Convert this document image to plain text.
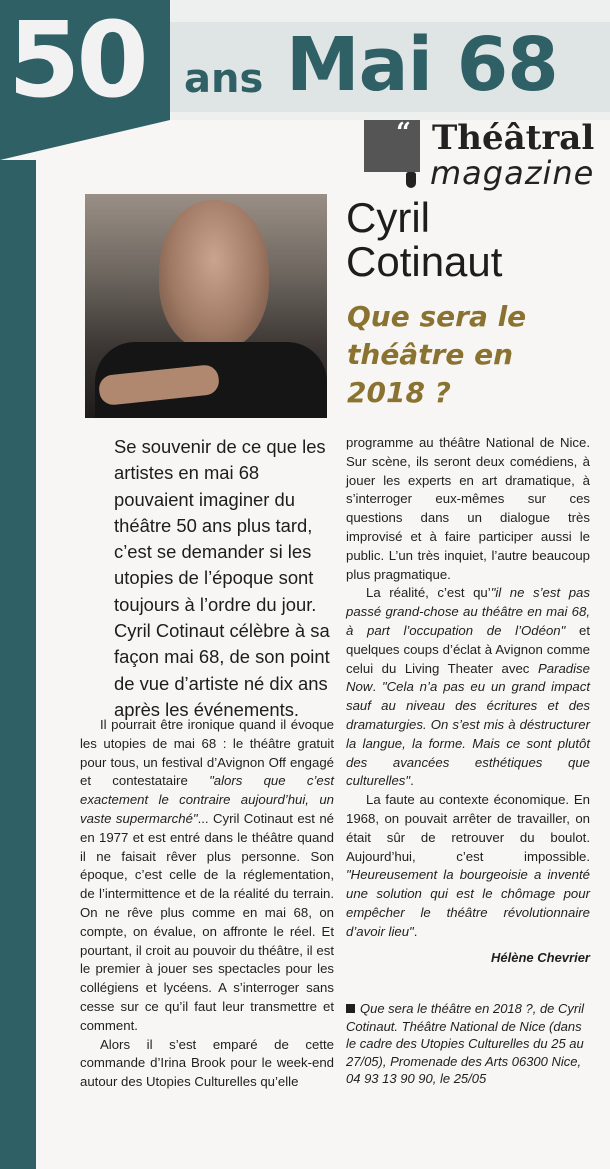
50 ans Mai 68
“ Théâtral
magazine
Cyril
Cotinaut
Que sera le théâtre en 2018 ?
Se souvenir de ce que les artistes en mai 68 pouvaient imaginer du théâtre 50 ans plus tard, c’est se demander si les utopies de l’époque sont toujours à l’ordre du jour. Cyril Cotinaut célèbre à sa façon mai 68, de son point de vue d’artiste né dix ans après les événements.

Il pourrait être ironique quand il évoque les utopies de mai 68 : le théâtre gratuit pour tous, un festival d’Avignon Off engagé et contestataire "alors que c’est exactement le contraire aujourd’hui, un vaste supermarché"... Cyril Cotinaut est né en 1977 et est entré dans le théâtre quand il ne faisait rêver plus personne. Son époque, c’est celle de la réglementation, de l’intermittence et de la réalité du terrain. On ne rêve plus comme en mai 68, on compte, on évalue, on affronte le réel. Et pourtant, il croit au pouvoir du théâtre, il est le premier à jouer ses spectacles pour les collégiens et lycéens. A s’interroger sans cesse sur ce qu’il faut leur transmettre et comment.

Alors il s’est emparé de cette commande d’Irina Brook pour le week-end autour des Utopies Culturelles qu’elle

programme au théâtre National de Nice. Sur scène, ils seront deux comédiens, à jouer les experts en art dramatique, à s’interroger eux-mêmes sur ces questions dans un dialogue très improvisé et à faire participer aussi le public. L’un très inquiet, l’autre beaucoup plus pragmatique.

La réalité, c’est qu’"il ne s’est pas passé grand-chose au théâtre en mai 68, à part l’occupation de l’Odéon" et quelques coups d’éclat à Avignon comme celui du Living Theater avec Paradise Now. "Cela n’a pas eu un grand impact sauf au niveau des écritures et des dramaturgies. On s’est mis à déstructurer la langue, la forme. Mais ce sont plutôt des avancées esthétiques que culturelles".

La faute au contexte économique. En 1968, on pouvait arrêter de travailler, on était sûr de retrouver du boulot. Aujourd’hui, c’est impossible. "Heureusement la bourgeoisie a inventé une solution qui est le chômage pour empêcher le théâtre révolutionnaire d’avoir lieu".

Hélène Chevrier
Que sera le théâtre en 2018 ?, de Cyril Cotinaut. Théâtre National de Nice (dans le cadre des Utopies Culturelles du 25 au 27/05), Promenade des Arts 06300 Nice, 04 93 13 90 90, le 25/05
